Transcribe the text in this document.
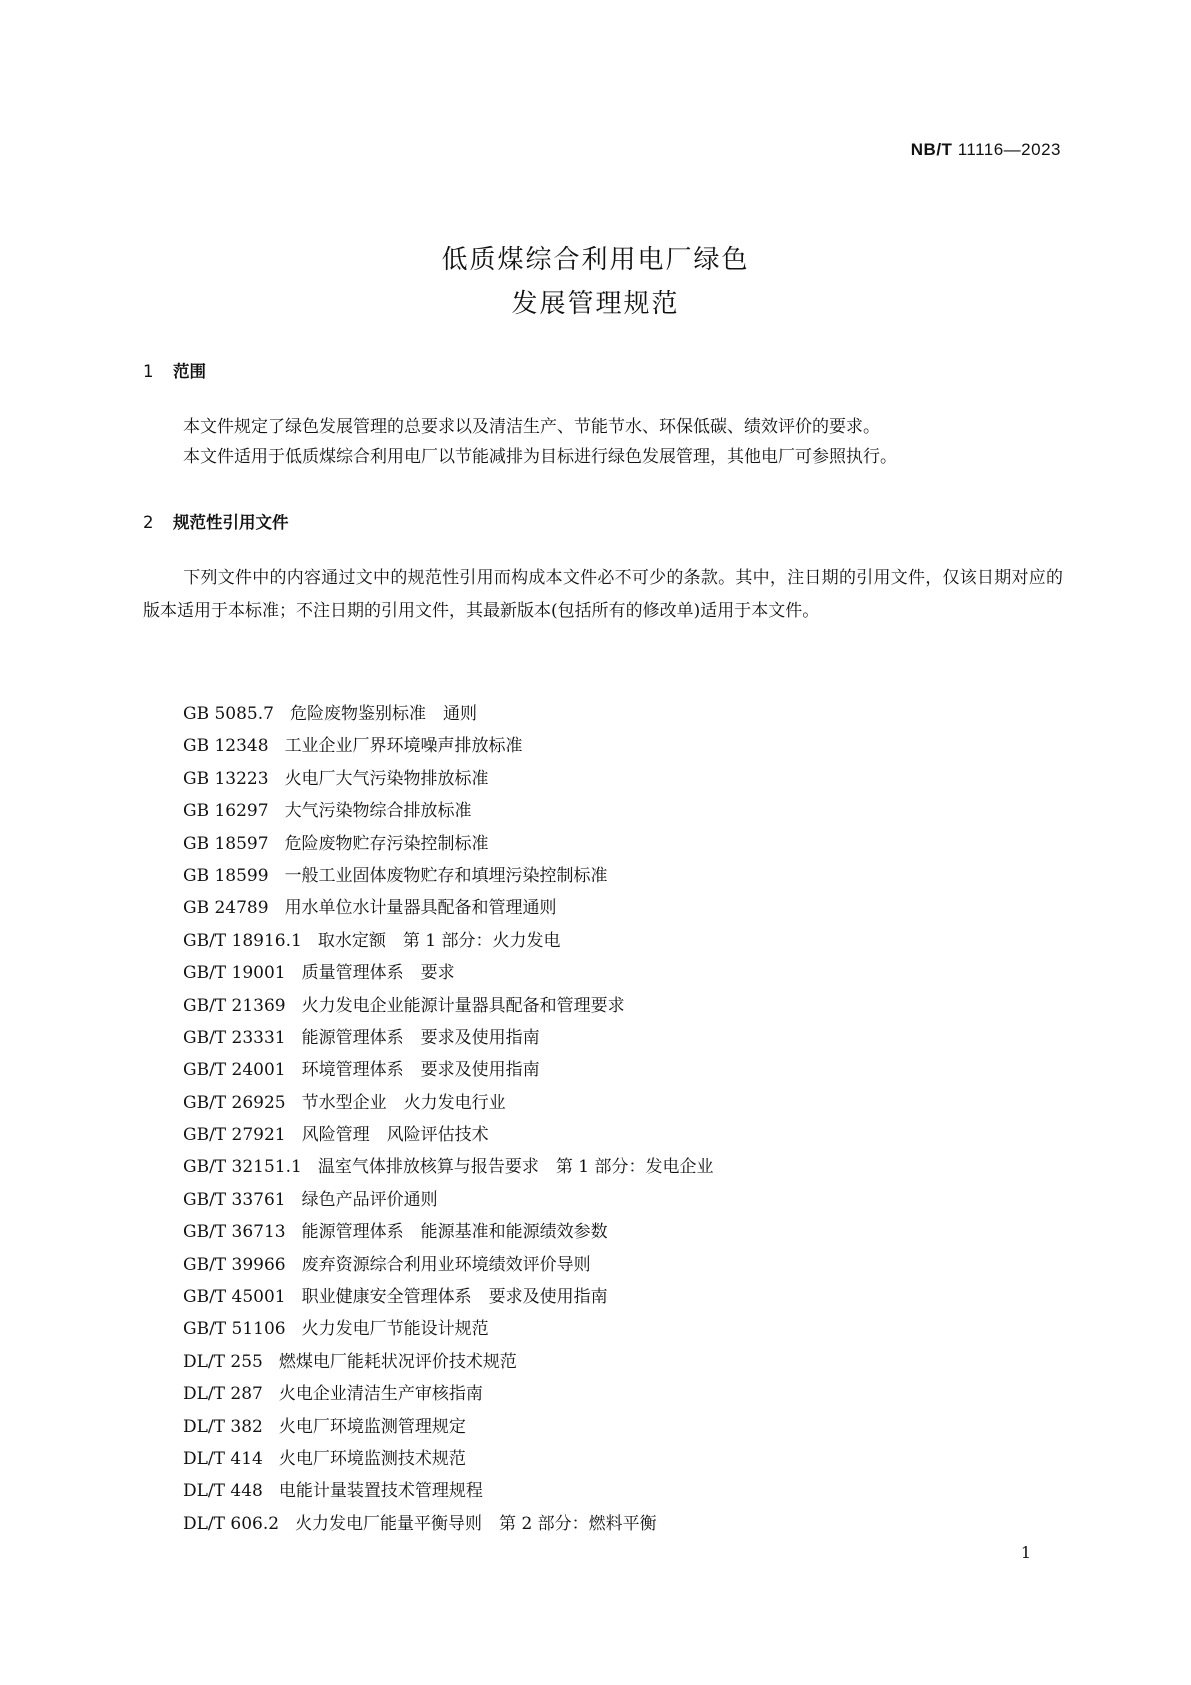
NB/T 11116—2023
低质煤综合利用电厂绿色
发展管理规范
1 范围
本文件规定了绿色发展管理的总要求以及清洁生产、节能节水、环保低碳、绩效评价的要求。
本文件适用于低质煤综合利用电厂以节能减排为目标进行绿色发展管理，其他电厂可参照执行。
2 规范性引用文件
下列文件中的内容通过文中的规范性引用而构成本文件必不可少的条款。其中，注日期的引用文件，仅该日期对应的版本适用于本标准；不注日期的引用文件，其最新版本(包括所有的修改单)适用于本文件。
GB 5085.7 危险废物鉴别标准　通则
GB 12348 工业企业厂界环境噪声排放标准
GB 13223 火电厂大气污染物排放标准
GB 16297 大气污染物综合排放标准
GB 18597 危险废物贮存污染控制标准
GB 18599 一般工业固体废物贮存和填埋污染控制标准
GB 24789 用水单位水计量器具配备和管理通则
GB/T 18916.1 取水定额　第 1 部分：火力发电
GB/T 19001 质量管理体系　要求
GB/T 21369 火力发电企业能源计量器具配备和管理要求
GB/T 23331 能源管理体系　要求及使用指南
GB/T 24001 环境管理体系　要求及使用指南
GB/T 26925 节水型企业　火力发电行业
GB/T 27921 风险管理　风险评估技术
GB/T 32151.1 温室气体排放核算与报告要求　第 1 部分：发电企业
GB/T 33761 绿色产品评价通则
GB/T 36713 能源管理体系　能源基准和能源绩效参数
GB/T 39966 废弃资源综合利用业环境绩效评价导则
GB/T 45001 职业健康安全管理体系　要求及使用指南
GB/T 51106 火力发电厂节能设计规范
DL/T 255 燃煤电厂能耗状况评价技术规范
DL/T 287 火电企业清洁生产审核指南
DL/T 382 火电厂环境监测管理规定
DL/T 414 火电厂环境监测技术规范
DL/T 448 电能计量装置技术管理规程
DL/T 606.2 火力发电厂能量平衡导则　第 2 部分：燃料平衡
1
